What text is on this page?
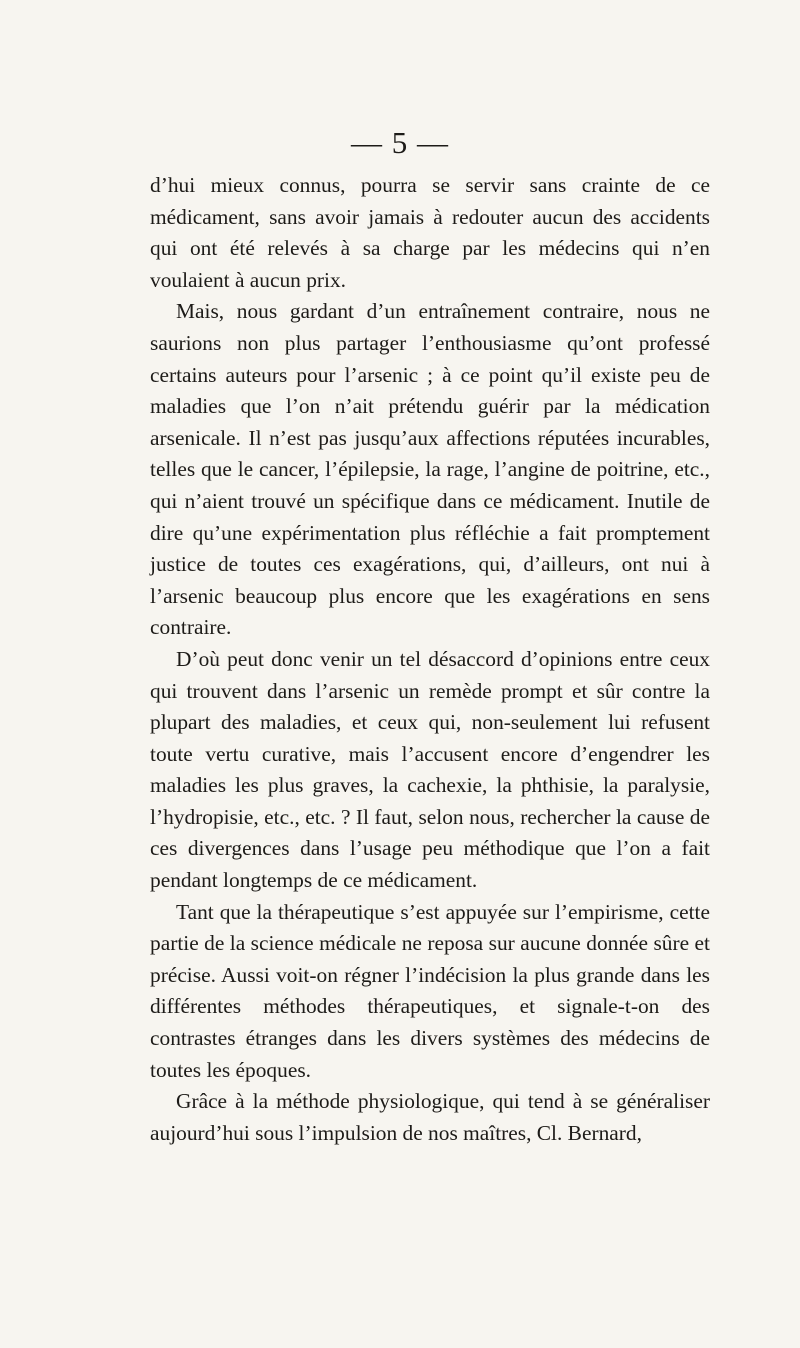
— 5 —

d’hui mieux connus, pourra se servir sans crainte de ce médicament, sans avoir jamais à redouter aucun des accidents qui ont été relevés à sa charge par les médecins qui n’en voulaient à aucun prix.

Mais, nous gardant d’un entraînement contraire, nous ne saurions non plus partager l’enthousiasme qu’ont professé certains auteurs pour l’arsenic ; à ce point qu’il existe peu de maladies que l’on n’ait prétendu guérir par la médication arsenicale. Il n’est pas jusqu’aux affections réputées incurables, telles que le cancer, l’épilepsie, la rage, l’angine de poitrine, etc., qui n’aient trouvé un spécifique dans ce médicament. Inutile de dire qu’une expérimentation plus réfléchie a fait promptement justice de toutes ces exagérations, qui, d’ailleurs, ont nui à l’arsenic beaucoup plus encore que les exagérations en sens contraire.

D’où peut donc venir un tel désaccord d’opinions entre ceux qui trouvent dans l’arsenic un remède prompt et sûr contre la plupart des maladies, et ceux qui, non-seulement lui refusent toute vertu curative, mais l’accusent encore d’engendrer les maladies les plus graves, la cachexie, la phthisie, la paralysie, l’hydropisie, etc., etc. ? Il faut, selon nous, rechercher la cause de ces divergences dans l’usage peu méthodique que l’on a fait pendant longtemps de ce médicament.

Tant que la thérapeutique s’est appuyée sur l’empirisme, cette partie de la science médicale ne reposa sur aucune donnée sûre et précise. Aussi voit-on régner l’indécision la plus grande dans les différentes méthodes thérapeutiques, et signale-t-on des contrastes étranges dans les divers systèmes des médecins de toutes les époques.

Grâce à la méthode physiologique, qui tend à se généraliser aujourd’hui sous l’impulsion de nos maîtres, Cl. Bernard,
